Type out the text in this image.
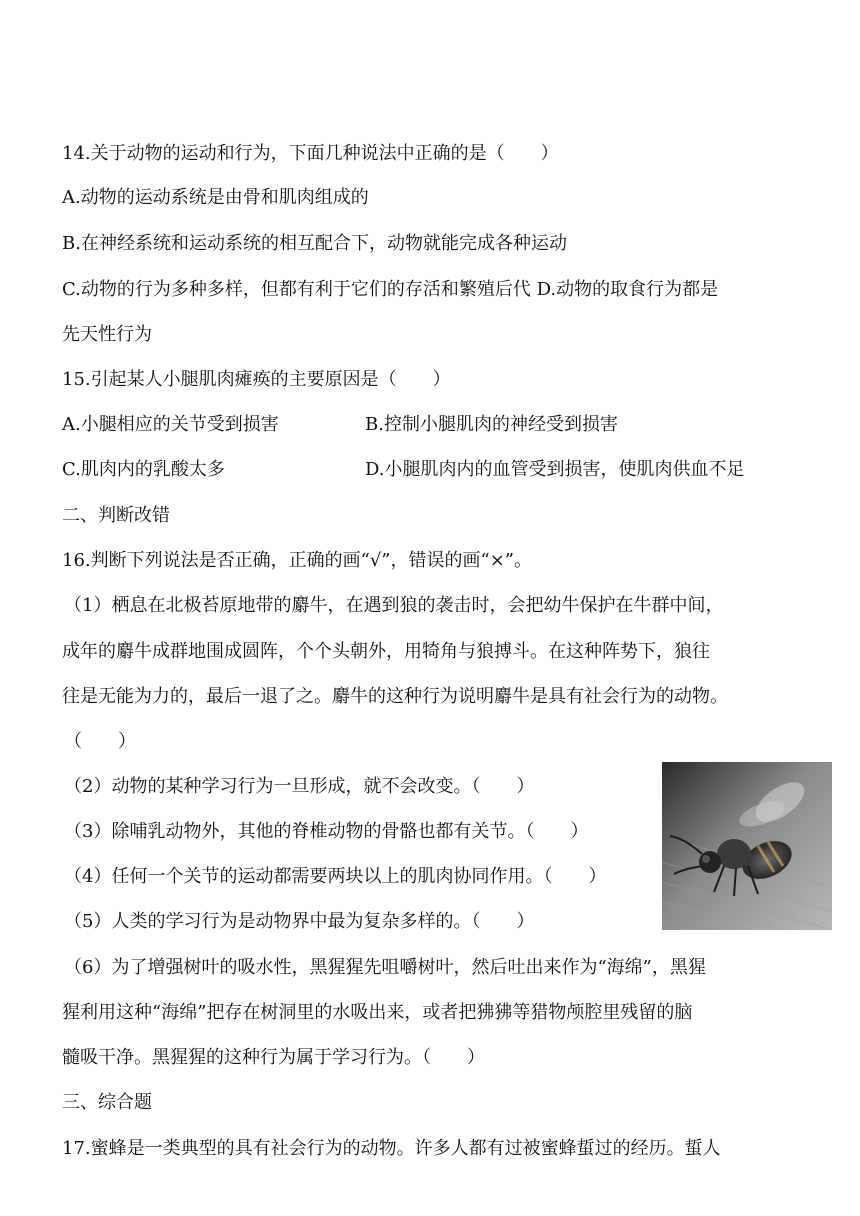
14.关于动物的运动和行为，下面几种说法中正确的是（　　）
A.动物的运动系统是由骨和肌肉组成的
B.在神经系统和运动系统的相互配合下，动物就能完成各种运动
C.动物的行为多种多样，但都有利于它们的存活和繁殖后代 D.动物的取食行为都是
先天性行为
15.引起某人小腿肌肉瘫痪的主要原因是（　　）
A.小腿相应的关节受到损害	B.控制小腿肌肉的神经受到损害
C.肌肉内的乳酸太多	D.小腿肌肉内的血管受到损害，使肌肉供血不足
二、判断改错
16.判断下列说法是否正确，正确的画“√”，错误的画“×”。
（1）栖息在北极苔原地带的麝牛，在遇到狼的袭击时，会把幼牛保护在牛群中间，
成年的麝牛成群地围成圆阵，个个头朝外，用犄角与狼搏斗。在这种阵势下，狼往
往是无能为力的，最后一退了之。麝牛的这种行为说明麝牛是具有社会行为的动物。
（　　）
（2）动物的某种学习行为一旦形成，就不会改变。（　　）
（3）除哺乳动物外，其他的脊椎动物的骨骼也都有关节。（　　）
（4）任何一个关节的运动都需要两块以上的肌肉协同作用。（　　）
（5）人类的学习行为是动物界中最为复杂多样的。（　　）
（6）为了增强树叶的吸水性，黑猩猩先咀嚼树叶，然后吐出来作为“海绵”，黑猩
猩利用这种“海绵”把存在树洞里的水吸出来，或者把狒狒等猎物颅腔里残留的脑
髓吸干净。黑猩猩的这种行为属于学习行为。（　　）
三、综合题
17.蜜蜂是一类典型的具有社会行为的动物。许多人都有过被蜜蜂蜇过的经历。蜇人
